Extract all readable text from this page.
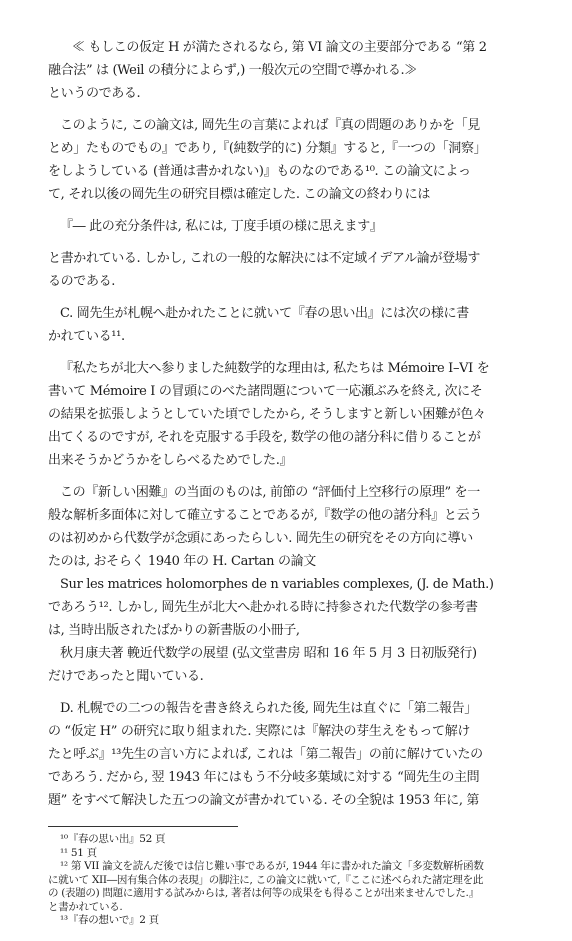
≪ もしこの仮定 H が満たされるなら, 第 VI 論文の主要部分である “第 2

融合法” は (Weil の積分によらず,) 一般次元の空間で導かれる.≫

というのである.

このように, この論文は, 岡先生の言葉によれば『真の問題のありかを「見

とめ」たものでもの』であり,『(純数学的に) 分類』すると,『一つの「洞察」

をしようしている (普通は書かれない)』ものなのである¹⁰. この論文によっ

て, それ以後の岡先生の研究目標は確定した. この論文の終わりには

『― 此の充分条件は, 私には, 丁度手頃の様に思えます』

と書かれている. しかし, これの一般的な解決には不定域イデアル論が登場す

るのである.

C. 岡先生が札幌へ赴かれたことに就いて『春の思い出』には次の様に書

かれている¹¹.

『私たちが北大へ参りました純数学的な理由は, 私たちは Mémoire I–VI を

書いて Mémoire I の冒頭にのべた諸問題について一応瀬ぶみを終え, 次にそ

の結果を拡張しようとしていた頃でしたから, そうしますと新しい困難が色々

出てくるのですが, それを克服する手段を, 数学の他の諸分科に借りることが

出来そうかどうかをしらべるためでした.』

この『新しい困難』の当面のものは, 前節の “評価付上空移行の原理” を一

般な解析多面体に対して確立することであるが,『数学の他の諸分科』と云う

のは初めから代数学が念頭にあったらしい. 岡先生の研究をその方向に導い

たのは, おそらく 1940 年の H. Cartan の論文

Sur les matrices holomorphes de n variables complexes, (J. de Math.)

であろう¹². しかし, 岡先生が北大へ赴かれる時に持参された代数学の参考書

は, 当時出版されたばかりの新書版の小冊子,

秋月康夫著 輓近代数学の展望 (弘文堂書房 昭和 16 年 5 月 3 日初版発行)

だけであったと聞いている.

D. 札幌での二つの報告を書き終えられた後, 岡先生は直ぐに「第二報告」

の “仮定 H” の研究に取り組まれた. 実際には『解決の芽生えをもって解け

たと呼ぶ』¹³先生の言い方によれば, これは「第二報告」の前に解けていたの

であろう. だから, 翌 1943 年にはもう不分岐多葉域に対する “岡先生の主問

題” をすべて解決した五つの論文が書かれている. その全貌は 1953 年に, 第

¹⁰『春の思い出』52 頁

¹¹ 51 頁

¹² 第 VII 論文を読んだ後では信じ難い事であるが, 1944 年に書かれた論文「多変数解析函数

に就いて XII―因有集合体の表現」の脚注に, この論文に就いて,『ここに述べられた諸定理を此

の (表題の) 問題に適用する試みからは, 著者は何等の成果をも得ることが出来ませんでした.』

と書かれている.

¹³『春の想いで』2 頁
